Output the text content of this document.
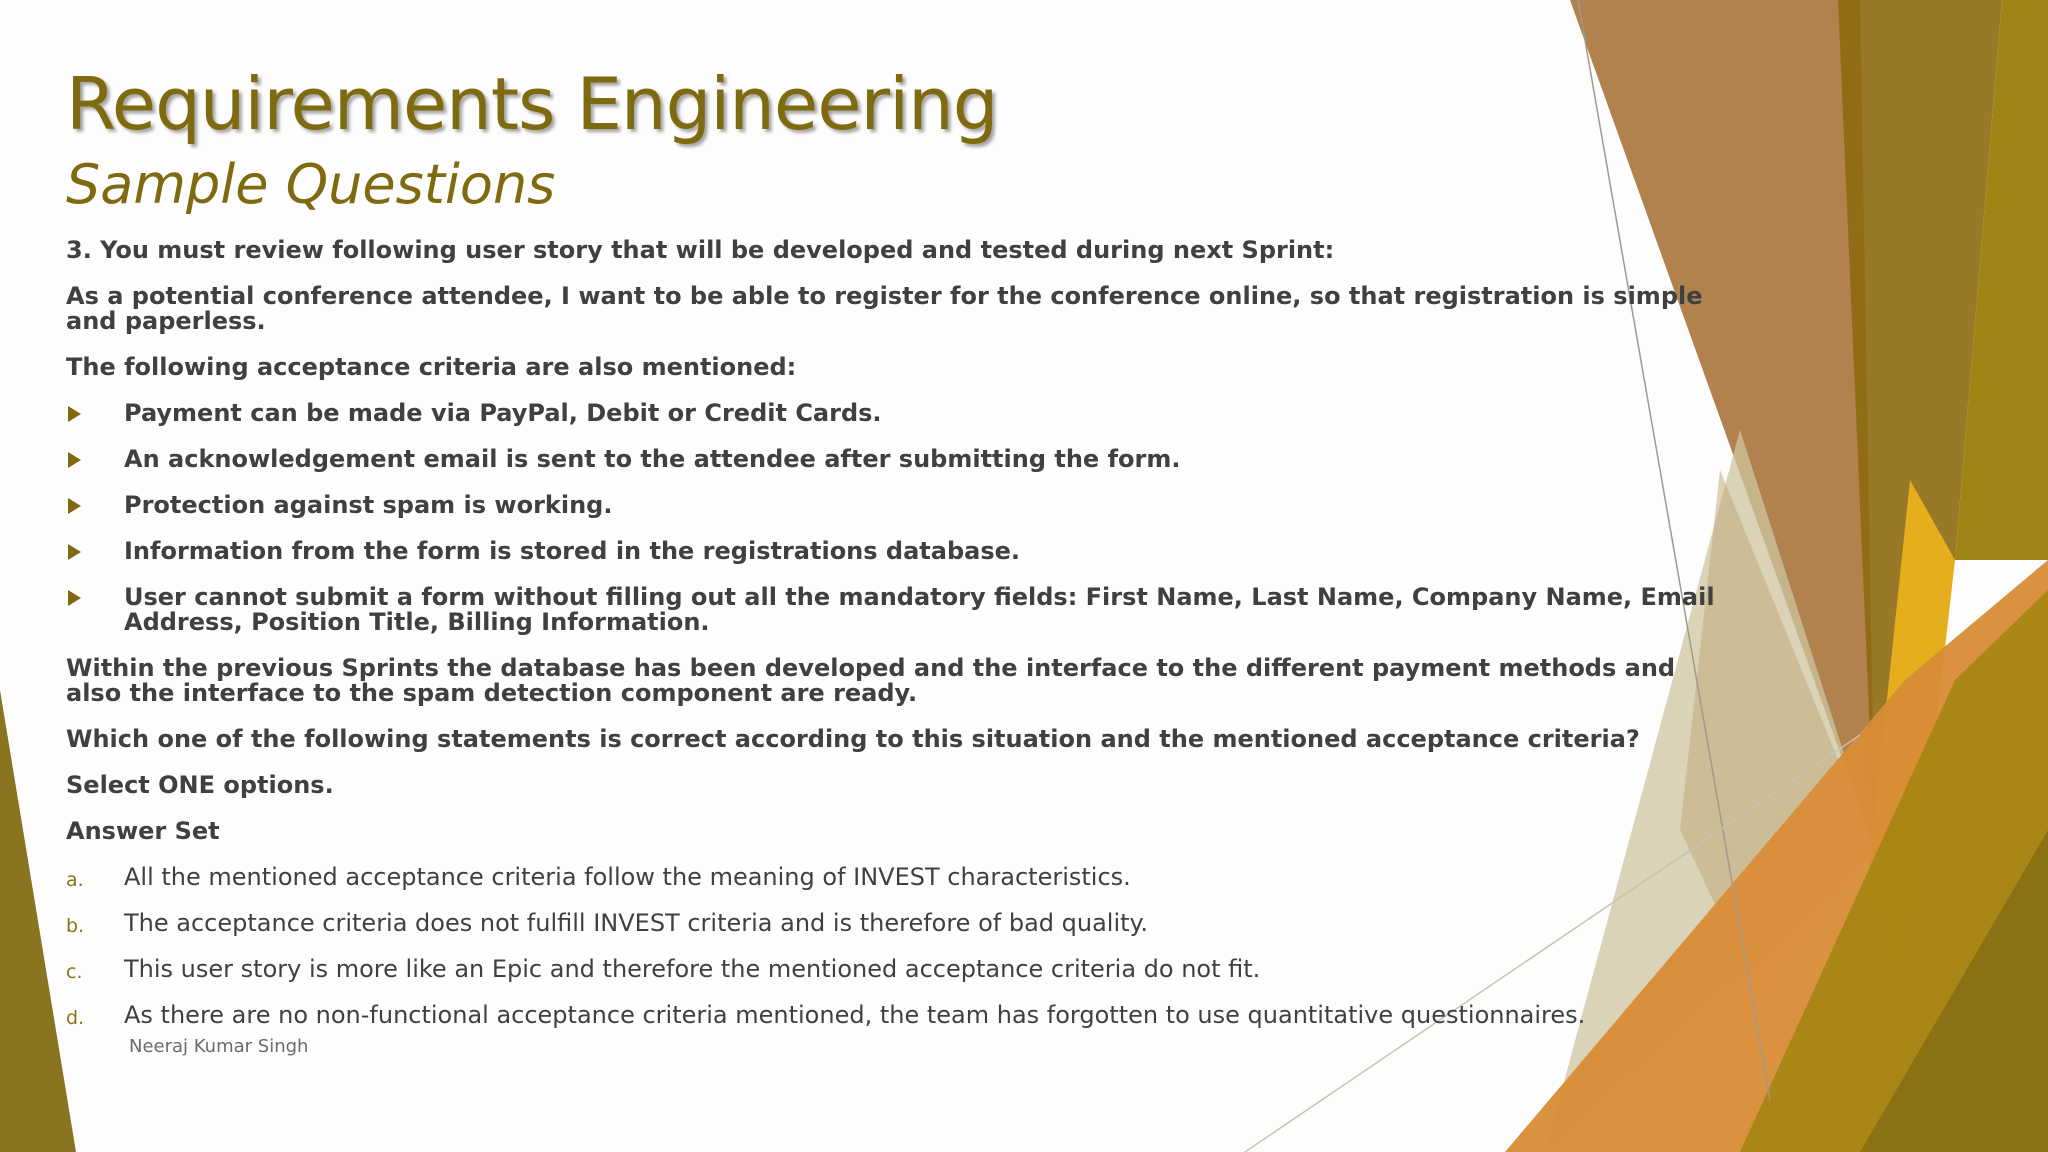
Requirements Engineering
Sample Questions
3. You must review following user story that will be developed and tested during next Sprint:
As a potential conference attendee, I want to be able to register for the conference online, so that registration is simple and paperless.
The following acceptance criteria are also mentioned:
Payment can be made via PayPal, Debit or Credit Cards.
An acknowledgement email is sent to the attendee after submitting the form.
Protection against spam is working.
Information from the form is stored in the registrations database.
User cannot submit a form without filling out all the mandatory fields: First Name, Last Name, Company Name, Email Address, Position Title, Billing Information.
Within the previous Sprints the database has been developed and the interface to the different payment methods and also the interface to the spam detection component are ready.
Which one of the following statements is correct according to this situation and the mentioned acceptance criteria?
Select ONE options.
Answer Set
a. All the mentioned acceptance criteria follow the meaning of INVEST characteristics.
b. The acceptance criteria does not fulfill INVEST criteria and is therefore of bad quality.
c. This user story is more like an Epic and therefore the mentioned acceptance criteria do not fit.
d. As there are no non-functional acceptance criteria mentioned, the team has forgotten to use quantitative questionnaires.
Neeraj Kumar Singh
